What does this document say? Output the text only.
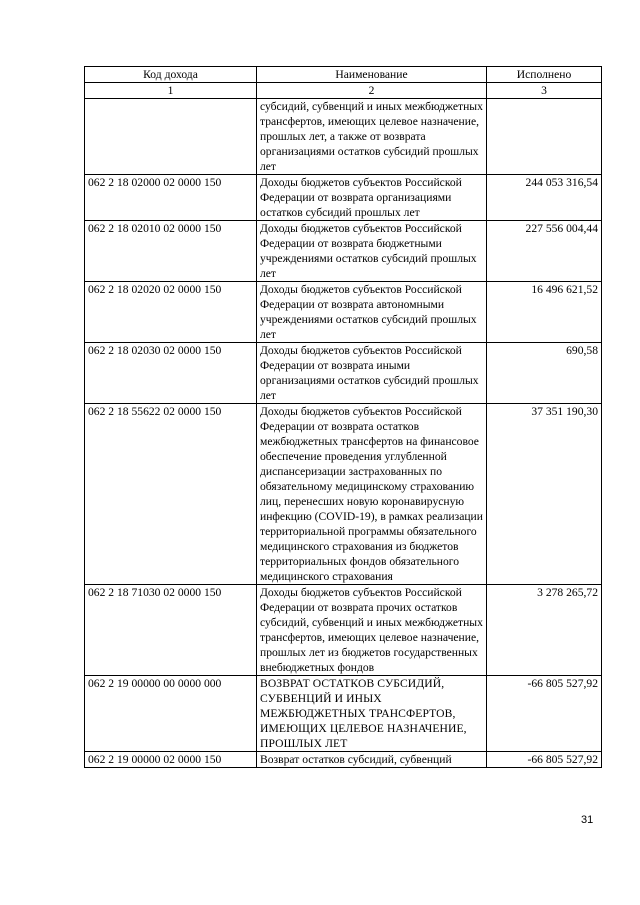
Код дохода	Наименование	Исполнено
1	2	3
	субсидий, субвенций и иных межбюджетных трансфертов, имеющих целевое назначение, прошлых лет, а также от возврата организациями остатков субсидий прошлых лет	
062 2 18 02000 02 0000 150	Доходы бюджетов субъектов Российской Федерации от возврата организациями остатков субсидий прошлых лет	244 053 316,54
062 2 18 02010 02 0000 150	Доходы бюджетов субъектов Российской Федерации от возврата бюджетными учреждениями остатков субсидий прошлых лет	227 556 004,44
062 2 18 02020 02 0000 150	Доходы бюджетов субъектов Российской Федерации от возврата автономными учреждениями остатков субсидий прошлых лет	16 496 621,52
062 2 18 02030 02 0000 150	Доходы бюджетов субъектов Российской Федерации от возврата иными организациями остатков субсидий прошлых лет	690,58
062 2 18 55622 02 0000 150	Доходы бюджетов субъектов Российской Федерации от возврата остатков межбюджетных трансфертов на финансовое обеспечение проведения углубленной диспансеризации застрахованных по обязательному медицинскому страхованию лиц, перенесших новую коронавирусную инфекцию (COVID-19), в рамках реализации территориальной программы обязательного медицинского страхования из бюджетов территориальных фондов обязательного медицинского страхования	37 351 190,30
062 2 18 71030 02 0000 150	Доходы бюджетов субъектов Российской Федерации от возврата прочих остатков субсидий, субвенций и иных межбюджетных трансфертов, имеющих целевое назначение, прошлых лет из бюджетов государственных внебюджетных фондов	3 278 265,72
062 2 19 00000 00 0000 000	ВОЗВРАТ ОСТАТКОВ СУБСИДИЙ, СУБВЕНЦИЙ И ИНЫХ МЕЖБЮДЖЕТНЫХ ТРАНСФЕРТОВ, ИМЕЮЩИХ ЦЕЛЕВОЕ НАЗНАЧЕНИЕ, ПРОШЛЫХ ЛЕТ	-66 805 527,92
062 2 19 00000 02 0000 150	Возврат остатков субсидий, субвенций	-66 805 527,92
31
